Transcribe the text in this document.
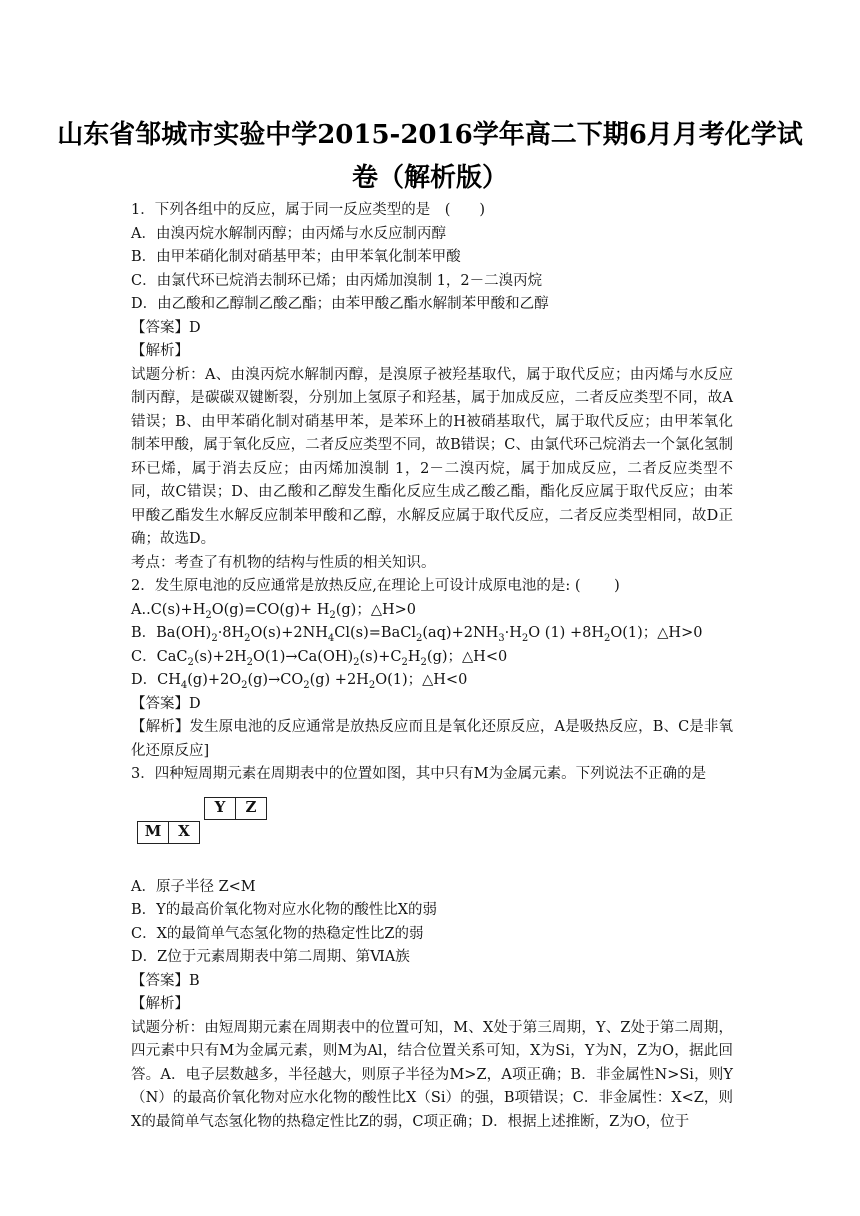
山东省邹城市实验中学2015-2016学年高二下期6月月考化学试
卷（解析版）

1．下列各组中的反应，属于同一反应类型的是　(　　)

A．由溴丙烷水解制丙醇；由丙烯与水反应制丙醇

B．由甲苯硝化制对硝基甲苯；由甲苯氧化制苯甲酸

C．由氯代环已烷消去制环已烯；由丙烯加溴制 1，2－二溴丙烷

D．由乙酸和乙醇制乙酸乙酯；由苯甲酸乙酯水解制苯甲酸和乙醇

【答案】D

【解析】

试题分析：A、由溴丙烷水解制丙醇，是溴原子被羟基取代，属于取代反应；由丙烯与水反应制丙醇，是碳碳双键断裂，分别加上氢原子和羟基，属于加成反应，二者反应类型不同，故A错误；B、由甲苯硝化制对硝基甲苯，是苯环上的H被硝基取代，属于取代反应；由甲苯氧化制苯甲酸，属于氧化反应，二者反应类型不同，故B错误；C、由氯代环己烷消去一个氯化氢制环已烯，属于消去反应；由丙烯加溴制 1，2－二溴丙烷，属于加成反应，二者反应类型不同，故C错误；D、由乙酸和乙醇发生酯化反应生成乙酸乙酯，酯化反应属于取代反应；由苯甲酸乙酯发生水解反应制苯甲酸和乙醇，水解反应属于取代反应，二者反应类型相同，故D正确；故选D。

考点：考查了有机物的结构与性质的相关知识。

2．发生原电池的反应通常是放热反应,在理论上可设计成原电池的是: (　　 )

$A..C(s)+H_2O(g)=CO(g)+ H_2(g)$；△H>0

B．$Ba(OH)_2\cdot 8H_2O(s)+2NH_4Cl(s)=BaCl_2(aq)+2NH_3\cdot H_2O$ $(1) +8H_2O(1)$；△H>0

C．$CaC_2(s)+2H_2O(1)\to Ca(OH)_2(s)+C_2H_2(g)$；△H<0

D．$CH_4(g)+2O_2(g)\to CO_2(g) +2H_2O(1)$；△H<0

【答案】D

【解析】发生原电池的反应通常是放热反应而且是氧化还原反应，A是吸热反应，B、C是非氧化还原反应]

3．四种短周期元素在周期表中的位置如图，其中只有M为金属元素。下列说法不正确的是

Y	Z
M	X

A．原子半径 Z<M

B．Y的最高价氧化物对应水化物的酸性比X的弱

C．X的最简单气态氢化物的热稳定性比Z的弱

D．Z位于元素周期表中第二周期、第ⅥA族

【答案】B

【解析】

试题分析：由短周期元素在周期表中的位置可知，M、X处于第三周期，Y、Z处于第二周期，四元素中只有M为金属元素，则M为Al，结合位置关系可知，X为Si，Y为N，Z为O，据此回答。A．电子层数越多，半径越大，则原子半径为M>Z，A项正确；B．非金属性N>Si，则Y（N）的最高价氧化物对应水化物的酸性比X（Si）的强，B项错误；C．非金属性：X<Z，则X的最简单气态氢化物的热稳定性比Z的弱，C项正确；D．根据上述推断，Z为O，位于
